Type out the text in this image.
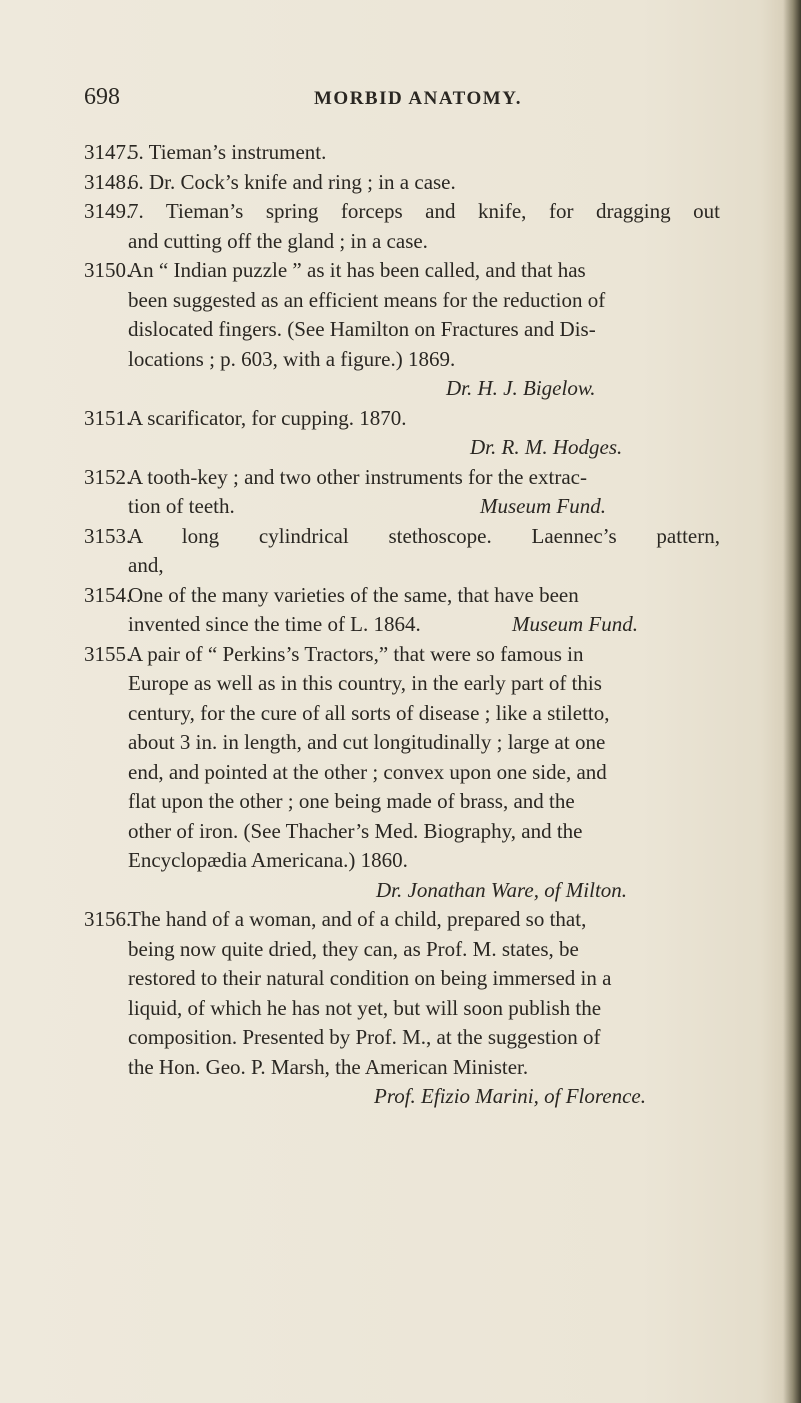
698	MORBID ANATOMY.
3147.5. Tieman’s instrument.
3148.6. Dr. Cock’s knife and ring ; in a case.
3149.7. Tieman’s spring forceps and knife, for dragging out
and cutting off the gland ; in a case.
3150.An “ Indian puzzle ” as it has been called, and that has
been suggested as an efficient means for the reduction of
dislocated fingers. (See Hamilton on Fractures and Dis-
locations ; p. 603, with a figure.) 1869.
Dr. H. J. Bigelow.
3151.A scarificator, for cupping. 1870.
Dr. R. M. Hodges.
3152.A tooth-key ; and two other instruments for the extrac-
tion of teeth.	Museum Fund.
3153.A long cylindrical stethoscope. Laennec’s pattern,
and,
3154.One of the many varieties of the same, that have been
invented since the time of L. 1864.	Museum Fund.
3155.A pair of “ Perkins’s Tractors,” that were so famous in
Europe as well as in this country, in the early part of this
century, for the cure of all sorts of disease ; like a stiletto,
about 3 in. in length, and cut longitudinally ; large at one
end, and pointed at the other ; convex upon one side, and
flat upon the other ; one being made of brass, and the
other of iron. (See Thacher’s Med. Biography, and the
Encyclopædia Americana.) 1860.
Dr. Jonathan Ware, of Milton.
3156.The hand of a woman, and of a child, prepared so that,
being now quite dried, they can, as Prof. M. states, be
restored to their natural condition on being immersed in a
liquid, of which he has not yet, but will soon publish the
composition. Presented by Prof. M., at the suggestion of
the Hon. Geo. P. Marsh, the American Minister.
Prof. Efizio Marini, of Florence.
